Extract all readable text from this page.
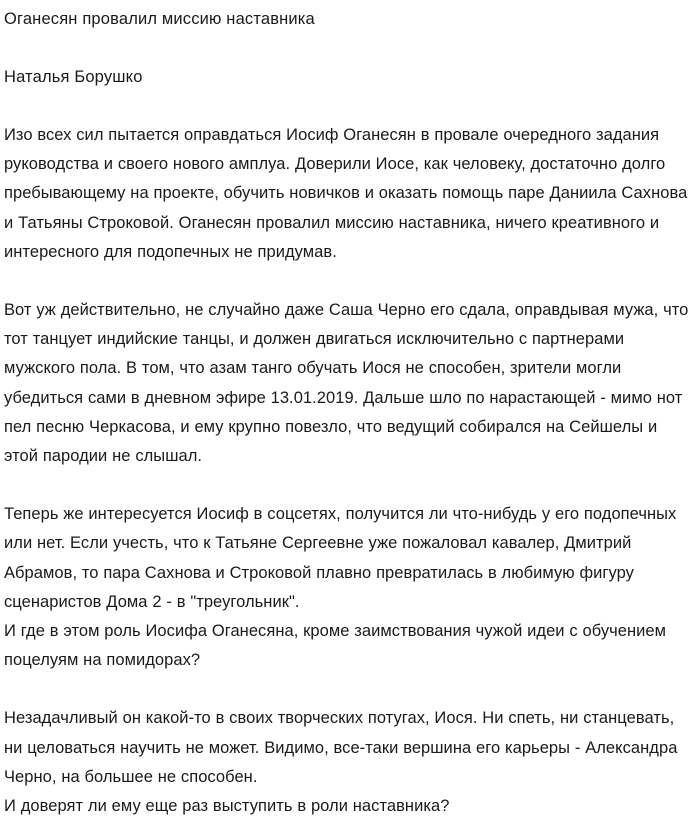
Оганесян провалил миссию наставника
Наталья Борушко

Изо всех сил пытается оправдаться Иосиф Оганесян в провале очередного задания руководства и своего нового амплуа. Доверили Иосе, как человеку, достаточно долго пребывающему на проекте, обучить новичков и оказать помощь паре Даниила Сахнова и Татьяны Строковой. Оганесян провалил миссию наставника, ничего креативного и интересного для подопечных не придумав.

Вот уж действительно, не случайно даже Саша Черно его сдала, оправдывая мужа, что тот танцует индийские танцы, и должен двигаться исключительно с партнерами мужского пола. В том, что азам танго обучать Иося не способен, зрители могли убедиться сами в дневном эфире 13.01.2019. Дальше шло по нарастающей - мимо нот пел песню Черкасова, и ему крупно повезло, что ведущий собирался на Сейшелы и этой пародии не слышал.

Теперь же интересуется Иосиф в соцсетях, получится ли что-нибудь у его подопечных или нет. Если учесть, что к Татьяне Сергеевне уже пожаловал кавалер, Дмитрий Абрамов, то пара Сахнова и Строковой плавно превратилась в любимую фигуру сценаристов Дома 2 - в "треугольник".

И где в этом роль Иосифа Оганесяна, кроме заимствования чужой идеи с обучением поцелуям на помидорах?

Незадачливый он какой-то в своих творческих потугах, Иося. Ни спеть, ни станцевать, ни целоваться научить не может. Видимо, все-таки вершина его карьеры - Александра Черно, на большее не способен.

И доверят ли ему еще раз выступить в роли наставника?
